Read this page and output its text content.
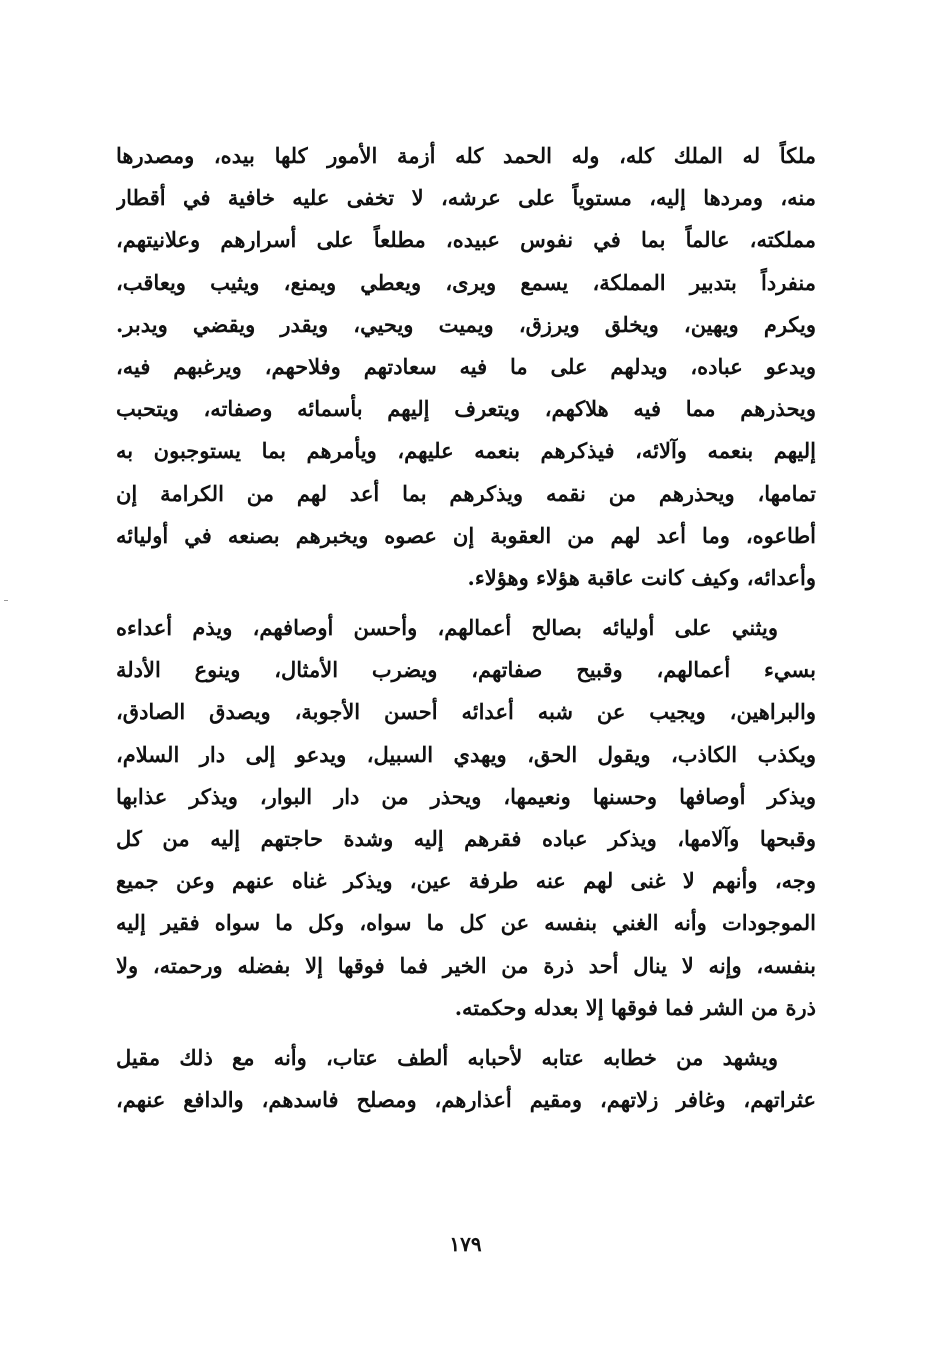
ملكاً له الملك كله، وله الحمد كله أزمة الأمور كلها بيده، ومصدرها
منه، ومردها إليه، مستوياً على عرشه، لا تخفى عليه خافية في أقطار
مملكته، عالماً بما في نفوس عبيده، مطلعاً على أسرارهم وعلانيتهم،
منفرداً بتدبير المملكة، يسمع ويرى، ويعطي ويمنع، ويثيب ويعاقب،
ويكرم ويهين، ويخلق ويرزق، ويميت ويحيي، ويقدر ويقضي ويدبر.
ويدعو عباده، ويدلهم على ما فيه سعادتهم وفلاحهم، ويرغبهم فيه،
ويحذرهم مما فيه هلاكهم، ويتعرف إليهم بأسمائه وصفاته، ويتحبب
إليهم بنعمه وآلائه، فيذكرهم بنعمه عليهم، ويأمرهم بما يستوجبون به
تمامها، ويحذرهم من نقمه ويذكرهم بما أعد لهم من الكرامة إن
أطاعوه، وما أعد لهم من العقوبة إن عصوه ويخبرهم بصنعه في أوليائه
وأعدائه، وكيف كانت عاقبة هؤلاء وهؤلاء.
ويثني على أوليائه بصالح أعمالهم، وأحسن أوصافهم، ويذم أعداءه
بسيء أعمالهم، وقبيح صفاتهم، ويضرب الأمثال، وينوع الأدلة
والبراهين، ويجيب عن شبه أعدائه أحسن الأجوبة، ويصدق الصادق،
ويكذب الكاذب، ويقول الحق، ويهدي السبيل، ويدعو إلى دار السلام،
ويذكر أوصافها وحسنها ونعيمها، ويحذر من دار البوار، ويذكر عذابها
وقبحها وآلامها، ويذكر عباده فقرهم إليه وشدة حاجتهم إليه من كل
وجه، وأنهم لا غنى لهم عنه طرفة عين، ويذكر غناه عنهم وعن جميع
الموجودات وأنه الغني بنفسه عن كل ما سواه، وكل ما سواه فقير إليه
بنفسه، وإنه لا ينال أحد ذرة من الخير فما فوقها إلا بفضله ورحمته، ولا
ذرة من الشر فما فوقها إلا بعدله وحكمته.
ويشهد من خطابه عتابه لأحبابه ألطف عتاب، وأنه مع ذلك مقيل
عثراتهم، وغافر زلاتهم، ومقيم أعذارهم، ومصلح فاسدهم، والدافع عنهم،
١٧٩
